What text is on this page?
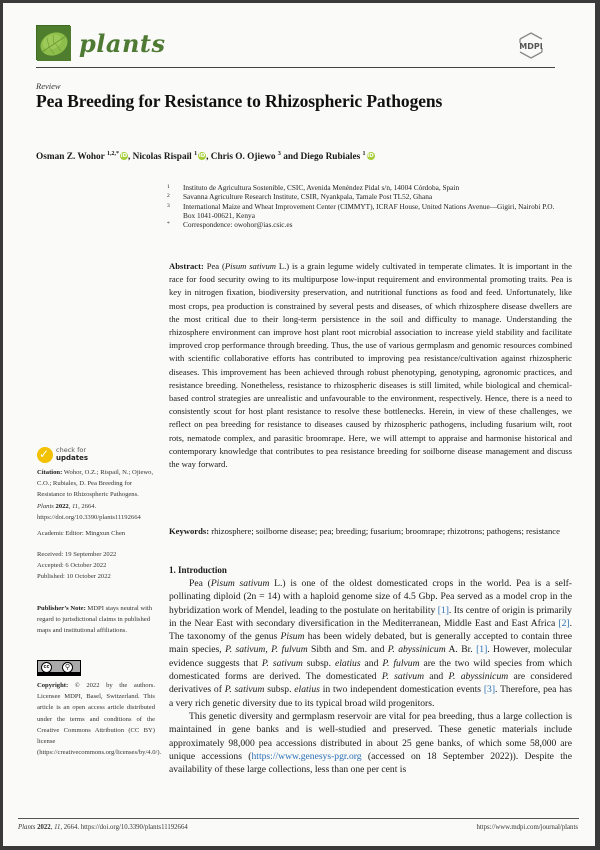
plants	MDPI
Review
Pea Breeding for Resistance to Rhizospheric Pathogens
Osman Z. Wohor $^{1,2,*}$ iD, Nicolas Rispail $^1$ iD, Chris O. Ojiewo $^3$ and Diego Rubiales $^1$ iD
1	Instituto de Agricultura Sostenible, CSIC, Avenida Menéndez Pidal s/n, 14004 Córdoba, Spain
2	Savanna Agriculture Research Institute, CSIR, Nyankpala, Tamale Post TL52, Ghana
3	International Maize and Wheat Improvement Center (CIMMYT), ICRAF House, United Nations Avenue—Gigiri, Nairobi P.O. Box 1041-00621, Kenya
*	Correspondence: owohor@ias.csic.es
Abstract: Pea (Pisum sativum L.) is a grain legume widely cultivated in temperate climates. It is important in the race for food security owing to its multipurpose low-input requirement and environmental promoting traits. Pea is key in nitrogen fixation, biodiversity preservation, and nutritional functions as food and feed. Unfortunately, like most crops, pea production is constrained by several pests and diseases, of which rhizosphere disease dwellers are the most critical due to their long-term persistence in the soil and difficulty to manage. Understanding the rhizosphere environment can improve host plant root microbial association to increase yield stability and facilitate improved crop performance through breeding. Thus, the use of various germplasm and genomic resources combined with scientific collaborative efforts has contributed to improving pea resistance/cultivation against rhizospheric diseases. This improvement has been achieved through robust phenotyping, genotyping, agronomic practices, and resistance breeding. Nonetheless, resistance to rhizospheric diseases is still limited, while biological and chemical-based control strategies are unrealistic and unfavourable to the environment, respectively. Hence, there is a need to consistently scout for host plant resistance to resolve these bottlenecks. Herein, in view of these challenges, we reflect on pea breeding for resistance to diseases caused by rhizospheric pathogens, including fusarium wilt, root rots, nematode complex, and parasitic broomrape. Here, we will attempt to appraise and harmonise historical and contemporary knowledge that contributes to pea resistance breeding for soilborne disease management and discuss the way forward.
Keywords: rhizosphere; soilborne disease; pea; breeding; fusarium; broomrape; rhizotrons; pathogens; resistance
✓ check for
updates
Citation: Wohor, O.Z.; Rispail, N.; Ojiewo, C.O.; Rubiales, D. Pea Breeding for Resistance to Rhizospheric Pathogens. Plants 2022, 11, 2664. https://doi.org/10.3390/plants11192664
Academic Editor: Mingxun Chen
Received: 19 September 2022
Accepted: 6 October 2022
Published: 10 October 2022
Publisher’s Note: MDPI stays neutral with regard to jurisdictional claims in published maps and institutional affiliations.
cc	⚲
Copyright: © 2022 by the authors. Licensee MDPI, Basel, Switzerland. This article is an open access article distributed under the terms and conditions of the Creative Commons Attribution (CC BY) license (https://creativecommons.org/licenses/by/4.0/).
1. Introduction

Pea (Pisum sativum L.) is one of the oldest domesticated crops in the world. Pea is a self-pollinating diploid (2n = 14) with a haploid genome size of 4.5 Gbp. Pea served as a model crop in the hybridization work of Mendel, leading to the postulate on heritability [1]. Its centre of origin is primarily in the Near East with secondary diversification in the Mediterranean, Middle East and East Africa [2]. The taxonomy of the genus Pisum has been widely debated, but is generally accepted to contain three main species, P. sativum, P. fulvum Sibth and Sm. and P. abyssinicum A. Br. [1]. However, molecular evidence suggests that P. sativum subsp. elatius and P. fulvum are the two wild species from which domesticated forms are derived. The domesticated P. sativum and P. abyssinicum are considered derivatives of P. sativum subsp. elatius in two independent domestication events [3]. Therefore, pea has a very rich genetic diversity due to its typical broad wild progenitors.

This genetic diversity and germplasm reservoir are vital for pea breeding, thus a large collection is maintained in gene banks and is well-studied and preserved. These genetic materials include approximately 98,000 pea accessions distributed in about 25 gene banks, of which some 58,000 are unique accessions (https://www.genesys-pgr.org (accessed on 18 September 2022)). Despite the availability of these large collections, less than one per cent is

Plants 2022, 11, 2664. https://doi.org/10.3390/plants11192664	https://www.mdpi.com/journal/plants
